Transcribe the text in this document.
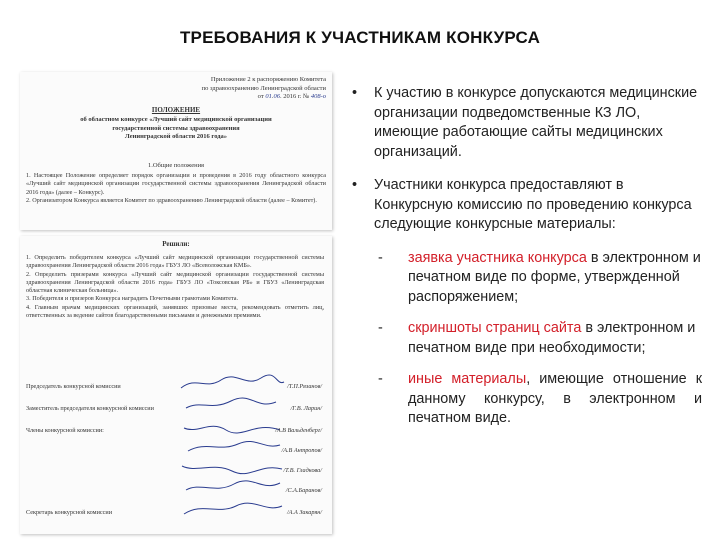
ТРЕБОВАНИЯ К УЧАСТНИКАМ КОНКУРСА
Приложение 2 к распоряжению Комитета
по здравоохранению Ленинградской области
от 01.06. 2016 г. № 408-о
ПОЛОЖЕНИЕ
об областном конкурсе «Лучший сайт медицинской организации
государственной системы здравоохранения
Ленинградской области 2016 года»
1.Общие положения
1. Настоящее Положение определяет порядок организации и проведения в 2016 году областного конкурса «Лучший сайт медицинской организации государственной системы здравоохранения Ленинградской области 2016 года» (далее – Конкурс).
2. Организатором Конкурса является Комитет по здравоохранению Ленинградской области (далее – Комитет).
Решили:
1. Определить победителем конкурса «Лучший сайт медицинской организации государственной системы здравоохранения Ленинградской области 2016 года» ГБУЗ ЛО «Всеволожская КМБ».
2. Определить призерами конкурса «Лучший сайт медицинской организации государственной системы здравоохранения Ленинградской области 2016 года» ГБУЗ ЛО «Токсовская РБ» и ГБУЗ «Ленинградская областная клиническая больница».
3. Победителя и призеров Конкурса наградить Почетными грамотами Комитета.
4. Главным врачам медицинских организаций, занявших призовые места, рекомендовать отметить лиц, ответственных за ведение сайтов благодарственными письмами и денежными премиями.
Председатель конкурсной комиссии	/Т.П.Рязанов/
Заместитель председателя конкурсной комиссии	/Г.В. Ларин/
Члены конкурсной комиссии:	/А.В Вальденберг/
/А.В Антропов/
/Т.В. Гладкова/
/С.А.Баранов/
Секретарь конкурсной комиссии	/А.А Закарян/
• К участию в конкурсе допускаются медицинские организации подведомственные КЗ ЛО, имеющие работающие сайты медицинских организаций.
• Участники конкурса предоставляют в Конкурсную комиссию по проведению конкурса следующие конкурсные материалы:
- заявка участника конкурса в электронном и печатном виде по форме, утвержденной распоряжением;
- скриншоты страниц сайта в электронном и печатном виде при необходимости;
- иные материалы, имеющие отношение к данному конкурсу, в электронном и печатном виде.
